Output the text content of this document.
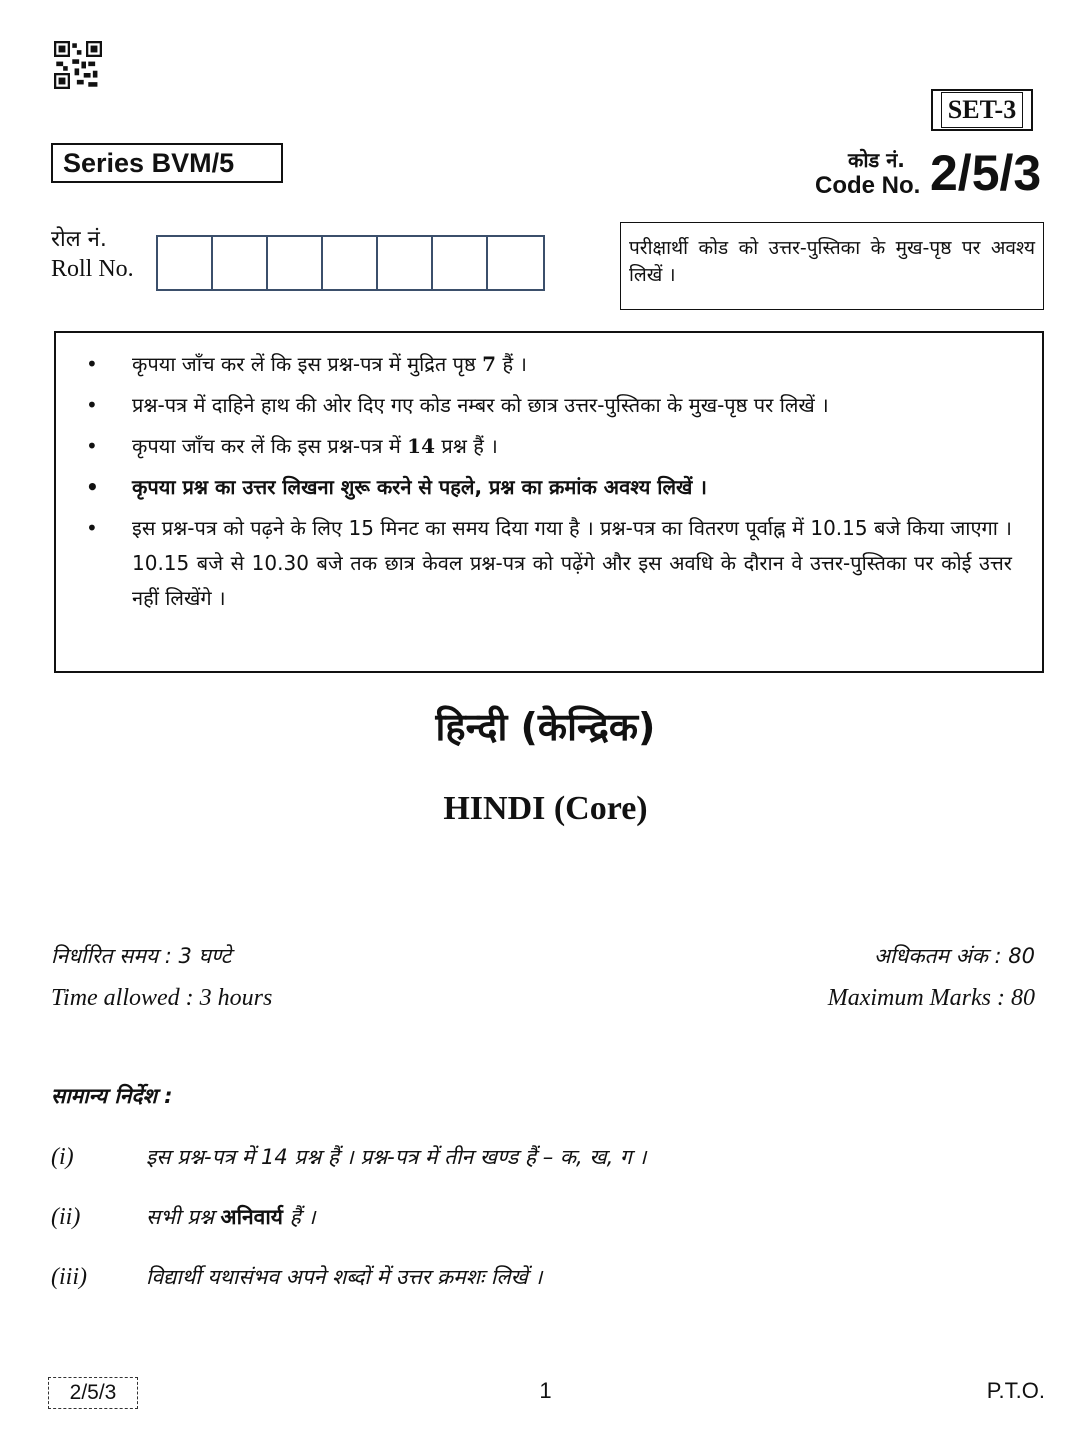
SET-3
Series BVM/5	कोड नं.
Code No. 2/5/3
रोल नं.
Roll No.
परीक्षार्थी कोड को उत्तर-पुस्तिका के मुख-पृष्ठ पर अवश्य लिखें ।
• कृपया जाँच कर लें कि इस प्रश्न-पत्र में मुद्रित पृष्ठ 7 हैं ।
• प्रश्न-पत्र में दाहिने हाथ की ओर दिए गए कोड नम्बर को छात्र उत्तर-पुस्तिका के मुख-पृष्ठ पर लिखें ।
• कृपया जाँच कर लें कि इस प्रश्न-पत्र में 14 प्रश्न हैं ।
• कृपया प्रश्न का उत्तर लिखना शुरू करने से पहले, प्रश्न का क्रमांक अवश्य लिखें ।
• इस प्रश्न-पत्र को पढ़ने के लिए 15 मिनट का समय दिया गया है । प्रश्न-पत्र का वितरण पूर्वाह्न में 10.15 बजे किया जाएगा । 10.15 बजे से 10.30 बजे तक छात्र केवल प्रश्न-पत्र को पढ़ेंगे और इस अवधि के दौरान वे उत्तर-पुस्तिका पर कोई उत्तर नहीं लिखेंगे ।
हिन्दी (केन्द्रिक)
HINDI (Core)
निर्धारित समय : 3 घण्टे
Time allowed : 3 hours
अधिकतम अंक : 80
Maximum Marks : 80
सामान्य निर्देश :
(i)	इस प्रश्न-पत्र में 14 प्रश्न हैं । प्रश्न-पत्र में तीन खण्ड हैं – क, ख, ग ।
(ii)	सभी प्रश्न अनिवार्य हैं ।
(iii)	विद्यार्थी यथासंभव अपने शब्दों में उत्तर क्रमशः लिखें ।
2/5/3	1	P.T.O.
